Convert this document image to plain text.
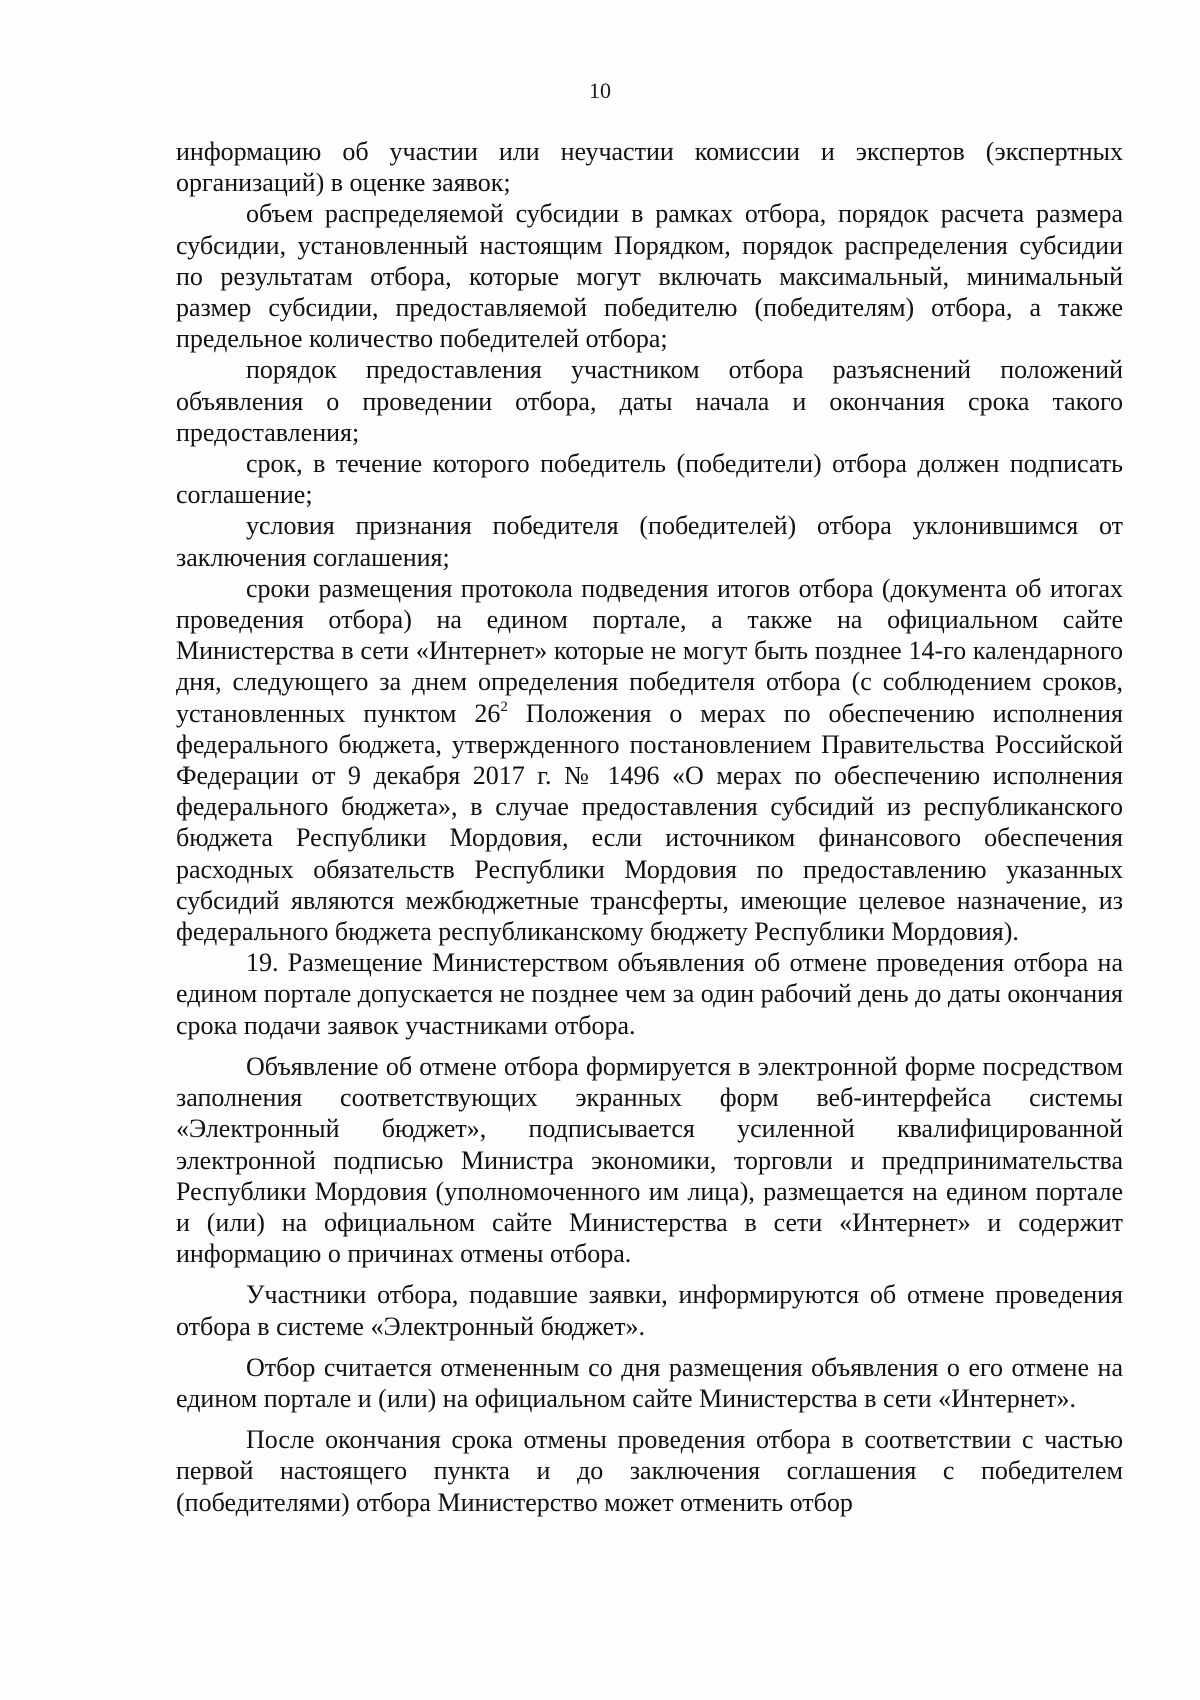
10

информацию об участии или неучастии комиссии и экспертов (экспертных организаций) в оценке заявок;

объем распределяемой субсидии в рамках отбора, порядок расчета размера субсидии, установленный настоящим Порядком, порядок распределения субсидии по результатам отбора, которые могут включать максимальный, минимальный размер субсидии, предоставляемой победителю (победителям) отбора, а также предельное количество победителей отбора;

порядок предоставления участником отбора разъяснений положений объявления о проведении отбора, даты начала и окончания срока такого предоставления;

срок, в течение которого победитель (победители) отбора должен подписать соглашение;

условия признания победителя (победителей) отбора уклонившимся от заключения соглашения;

сроки размещения протокола подведения итогов отбора (документа об итогах проведения отбора) на едином портале, а также на официальном сайте Министерства в сети «Интернет» которые не могут быть позднее 14-го календарного дня, следующего за днем определения победителя отбора (с соблюдением сроков, установленных пунктом $26^2$ Положения о мерах по обеспечению исполнения федерального бюджета, утвержденного постановлением Правительства Российской Федерации от 9 декабря 2017 г. № 1496 «О мерах по обеспечению исполнения федерального бюджета», в случае предоставления субсидий из республиканского бюджета Республики Мордовия, если источником финансового обеспечения расходных обязательств Республики Мордовия по предоставлению указанных субсидий являются межбюджетные трансферты, имеющие целевое назначение, из федерального бюджета республиканскому бюджету Республики Мордовия).

19. Размещение Министерством объявления об отмене проведения отбора на едином портале допускается не позднее чем за один рабочий день до даты окончания срока подачи заявок участниками отбора.

Объявление об отмене отбора формируется в электронной форме посредством заполнения соответствующих экранных форм веб-интерфейса системы «Электронный бюджет», подписывается усиленной квалифицированной электронной подписью Министра экономики, торговли и предпринимательства Республики Мордовия (уполномоченного им лица), размещается на едином портале и (или) на официальном сайте Министерства в сети «Интернет» и содержит информацию о причинах отмены отбора.

Участники отбора, подавшие заявки, информируются об отмене проведения отбора в системе «Электронный бюджет».

Отбор считается отмененным со дня размещения объявления о его отмене на едином портале и (или) на официальном сайте Министерства в сети «Интернет».

После окончания срока отмены проведения отбора в соответствии с частью первой настоящего пункта и до заключения соглашения с победителем (победителями) отбора Министерство может отменить отбор
